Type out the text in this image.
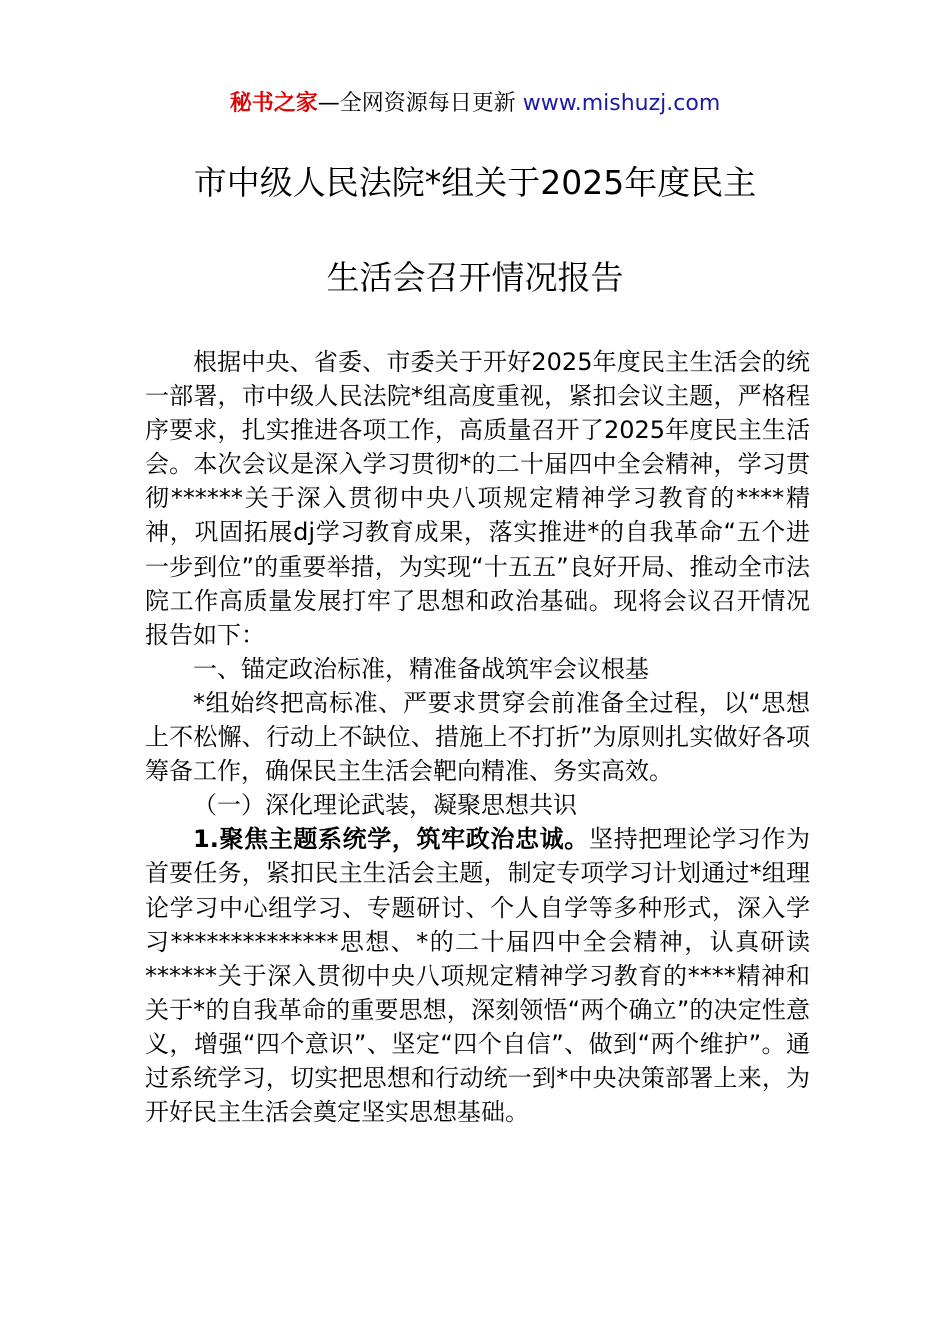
秘书之家—全网资源每日更新 www.mishuzj.com
市中级人民法院*组关于2025年度民主
生活会召开情况报告

根据中央、省委、市委关于开好2025年度民主生活会的统一部署，市中级人民法院*组高度重视，紧扣会议主题，严格程序要求，扎实推进各项工作，高质量召开了2025年度民主生活会。本次会议是深入学习贯彻*的二十届四中全会精神，学习贯彻******关于深入贯彻中央八项规定精神学习教育的****精神，巩固拓展dj学习教育成果，落实推进*的自我革命“五个进一步到位”的重要举措，为实现“十五五”良好开局、推动全市法院工作高质量发展打牢了思想和政治基础。现将会议召开情况报告如下：

一、锚定政治标准，精准备战筑牢会议根基

*组始终把高标准、严要求贯穿会前准备全过程，以“思想上不松懈、行动上不缺位、措施上不打折”为原则扎实做好各项筹备工作，确保民主生活会靶向精准、务实高效。

（一）深化理论武装，凝聚思想共识

1.聚焦主题系统学，筑牢政治忠诚。坚持把理论学习作为首要任务，紧扣民主生活会主题，制定专项学习计划通过*组理论学习中心组学习、专题研讨、个人自学等多种形式，深入学习**************思想、*的二十届四中全会精神，认真研读******关于深入贯彻中央八项规定精神学习教育的****精神和关于*的自我革命的重要思想，深刻领悟“两个确立”的决定性意义，增强“四个意识”、坚定“四个自信”、做到“两个维护”。通过系统学习，切实把思想和行动统一到*中央决策部署上来，为开好民主生活会奠定坚实思想基础。
